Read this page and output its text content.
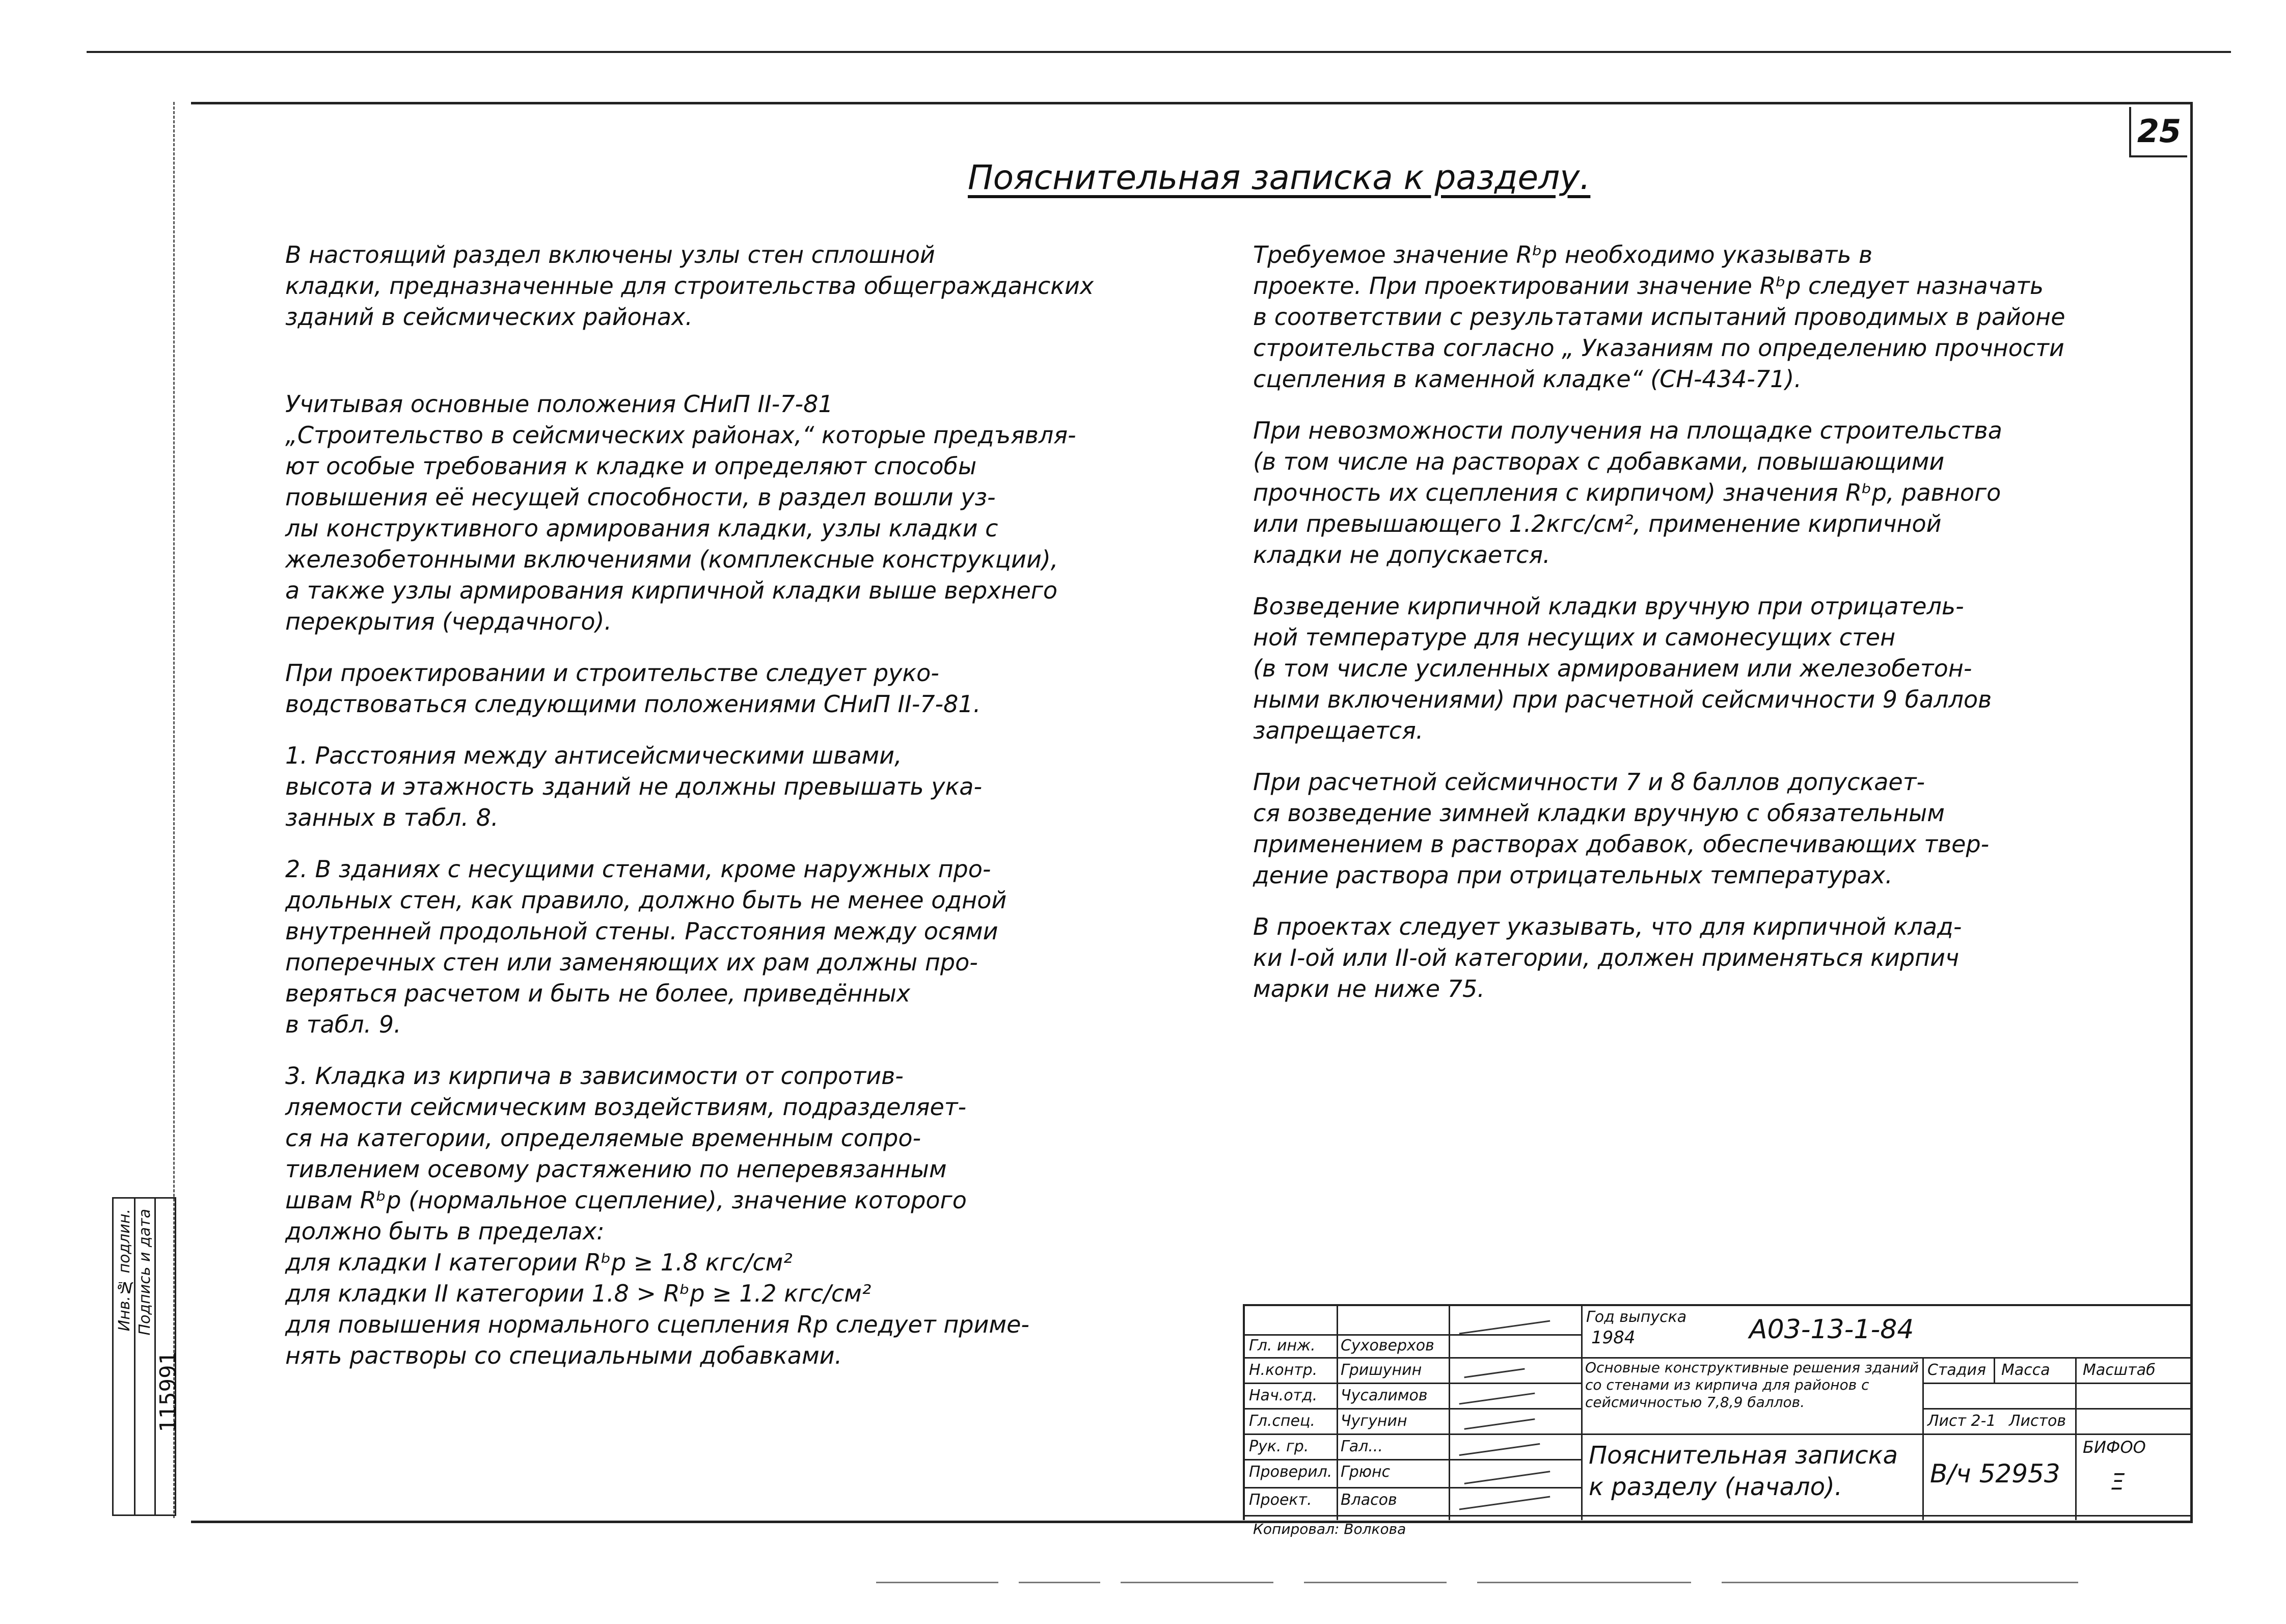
25
Пояснительная записка к разделу.

В настоящий раздел включены узлы стен сплошной

кладки, предназначенные для строительства общегражданских

зданий в сейсмических районах.

Учитывая основные положения СНиП II-7-81

„Строительство в сейсмических районах,“ которые предъявля-

ют особые требования к кладке и определяют способы

повышения её несущей способности, в раздел вошли уз-

лы конструктивного армирования кладки, узлы кладки с

железобетонными включениями (комплексные конструкции),

а также узлы армирования кирпичной кладки выше верхнего

перекрытия (чердачного).

При проектировании и строительстве следует руко-

водствоваться следующими положениями СНиП II-7-81.

1. Расстояния между антисейсмическими швами,

высота и этажность зданий не должны превышать ука-

занных в табл. 8.

2. В зданиях с несущими стенами, кроме наружных про-

дольных стен, как правило, должно быть не менее одной

внутренней продольной стены. Расстояния между осями

поперечных стен или заменяющих их рам должны про-

веряться расчетом и быть не более, приведённых

в табл. 9.

3. Кладка из кирпича в зависимости от сопротив-

ляемости сейсмическим воздействиям, подразделяет-

ся на категории, определяемые временным сопро-

тивлением осевому растяжению по неперевязанным

швам Rᵇp (нормальное сцепление), значение которого

должно быть в пределах:

для кладки I категории Rᵇp ≥ 1.8 кгс/см²

для кладки II категории 1.8 > Rᵇp ≥ 1.2 кгс/см²

для повышения нормального сцепления Rp следует приме-

нять растворы со специальными добавками.

Требуемое значение Rᵇp необходимо указывать в

проекте. При проектировании значение Rᵇp следует назначать

в соответствии с результатами испытаний проводимых в районе

строительства согласно „ Указаниям по определению прочности

сцепления в каменной кладке“ (СН-434-71).

При невозможности получения на площадке строительства

(в том числе на растворах с добавками, повышающими

прочность их сцепления с кирпичом) значения Rᵇp, равного

или превышающего 1.2кгс/см², применение кирпичной

кладки не допускается.

Возведение кирпичной кладки вручную при отрицатель-

ной температуре для несущих и самонесущих стен

(в том числе усиленных армированием или железобетон-

ными включениями) при расчетной сейсмичности 9 баллов

запрещается.

При расчетной сейсмичности 7 и 8 баллов допускает-

ся возведение зимней кладки вручную с обязательным

применением в растворах добавок, обеспечивающих твер-

дение раствора при отрицательных температурах.

В проектах следует указывать, что для кирпичной клад-

ки I-ой или II-ой категории, должен применяться кирпич

марки не ниже 75.

Инв.№ подлин. Подпись и дата
115991
Гл. инж.
Н.контр.
Нач.отд.
Гл.спец.
Рук. гр.
Проверил.
Проект.
Суховерхов
Гришунин
Чусалимов
Чугунин
Гал...
Грюнс
Власов
Год выпуска
1984	А03-13-1-84
Основные конструктивные решения зданий со стенами из кирпича для районов с сейсмичностью 7,8,9 баллов.
Стадия Масса Масштаб
Лист 2-1 Листов
Пояснительная записка к разделу (начало).	В/ч 52953
БИФОО
Ξ
Копировал: Волкова
